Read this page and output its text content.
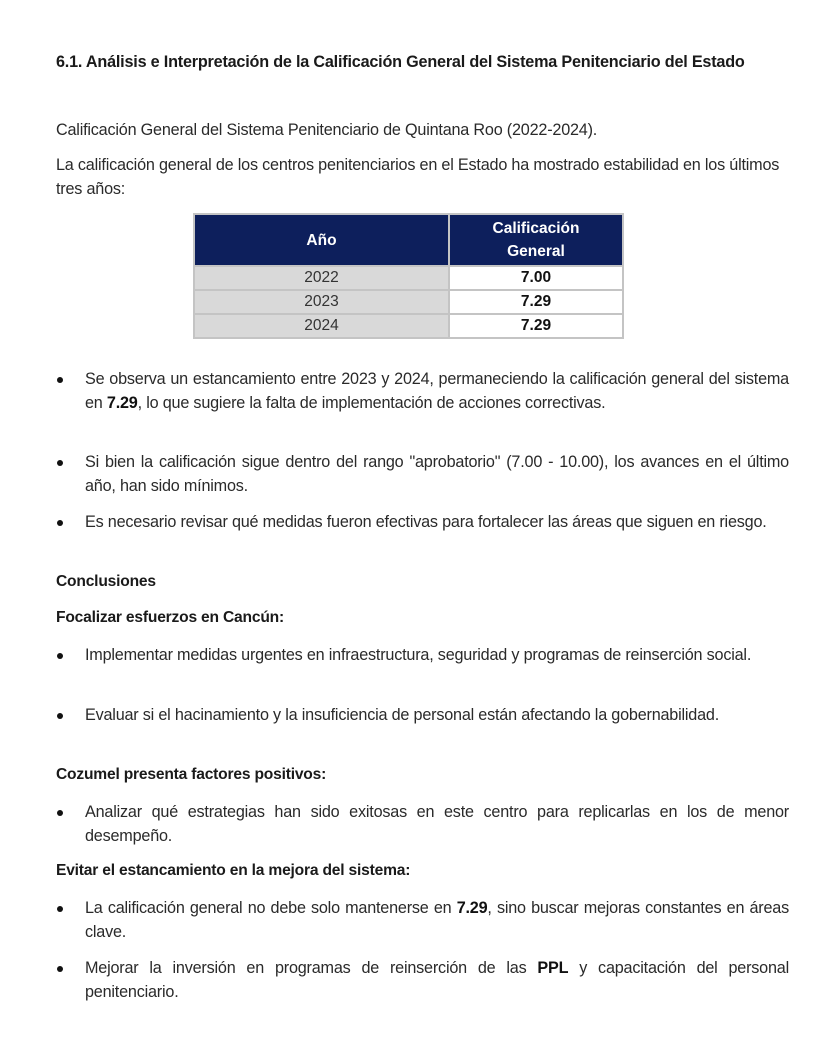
6.1. Análisis e Interpretación de la Calificación General del Sistema Penitenciario del Estado
Calificación General del Sistema Penitenciario de Quintana Roo (2022-2024).
La calificación general de los centros penitenciarios en el Estado ha mostrado estabilidad en los últimos tres años:
Año	Calificación General
2022	7.00
2023	7.29
2024	7.29
Se observa un estancamiento entre 2023 y 2024, permaneciendo la calificación general del sistema en 7.29, lo que sugiere la falta de implementación de acciones correctivas.
Si bien la calificación sigue dentro del rango "aprobatorio" (7.00 - 10.00), los avances en el último año, han sido mínimos.
Es necesario revisar qué medidas fueron efectivas para fortalecer las áreas que siguen en riesgo.
Conclusiones
Focalizar esfuerzos en Cancún:
Implementar medidas urgentes en infraestructura, seguridad y programas de reinserción social.
Evaluar si el hacinamiento y la insuficiencia de personal están afectando la gobernabilidad.
Cozumel presenta factores positivos:
Analizar qué estrategias han sido exitosas en este centro para replicarlas en los de menor desempeño.
Evitar el estancamiento en la mejora del sistema:
La calificación general no debe solo mantenerse en 7.29, sino buscar mejoras constantes en áreas clave.
Mejorar la inversión en programas de reinserción de las PPL y capacitación del personal penitenciario.
